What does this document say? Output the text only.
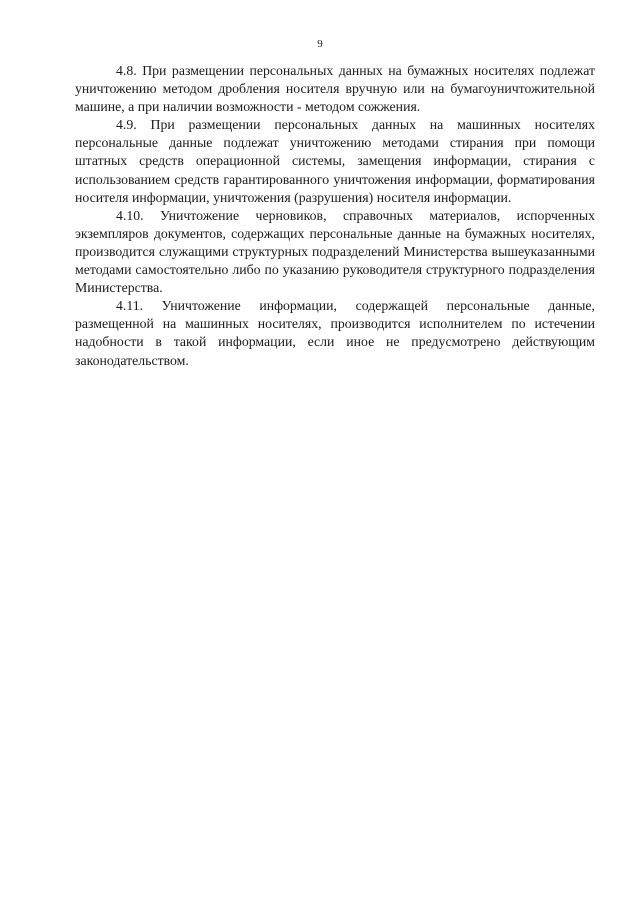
9

4.8. При размещении персональных данных на бумажных носителях подлежат уничтожению методом дробления носителя вручную или на бумагоуничтожительной машине, а при наличии возможности - методом сожжения.

4.9. При размещении персональных данных на машинных носителях персональные данные подлежат уничтожению методами стирания при помощи штатных средств операционной системы, замещения информации, стирания с использованием средств гарантированного уничтожения информации, форматирования носителя информации, уничтожения (разрушения) носителя информации.

4.10. Уничтожение черновиков, справочных материалов, испорченных экземпляров документов, содержащих персональные данные на бумажных носителях, производится служащими структурных подразделений Министерства вышеуказанными методами самостоятельно либо по указанию руководителя структурного подразделения Министерства.

4.11. Уничтожение информации, содержащей персональные данные, размещенной на машинных носителях, производится исполнителем по истечении надобности в такой информации, если иное не предусмотрено действующим законодательством.
